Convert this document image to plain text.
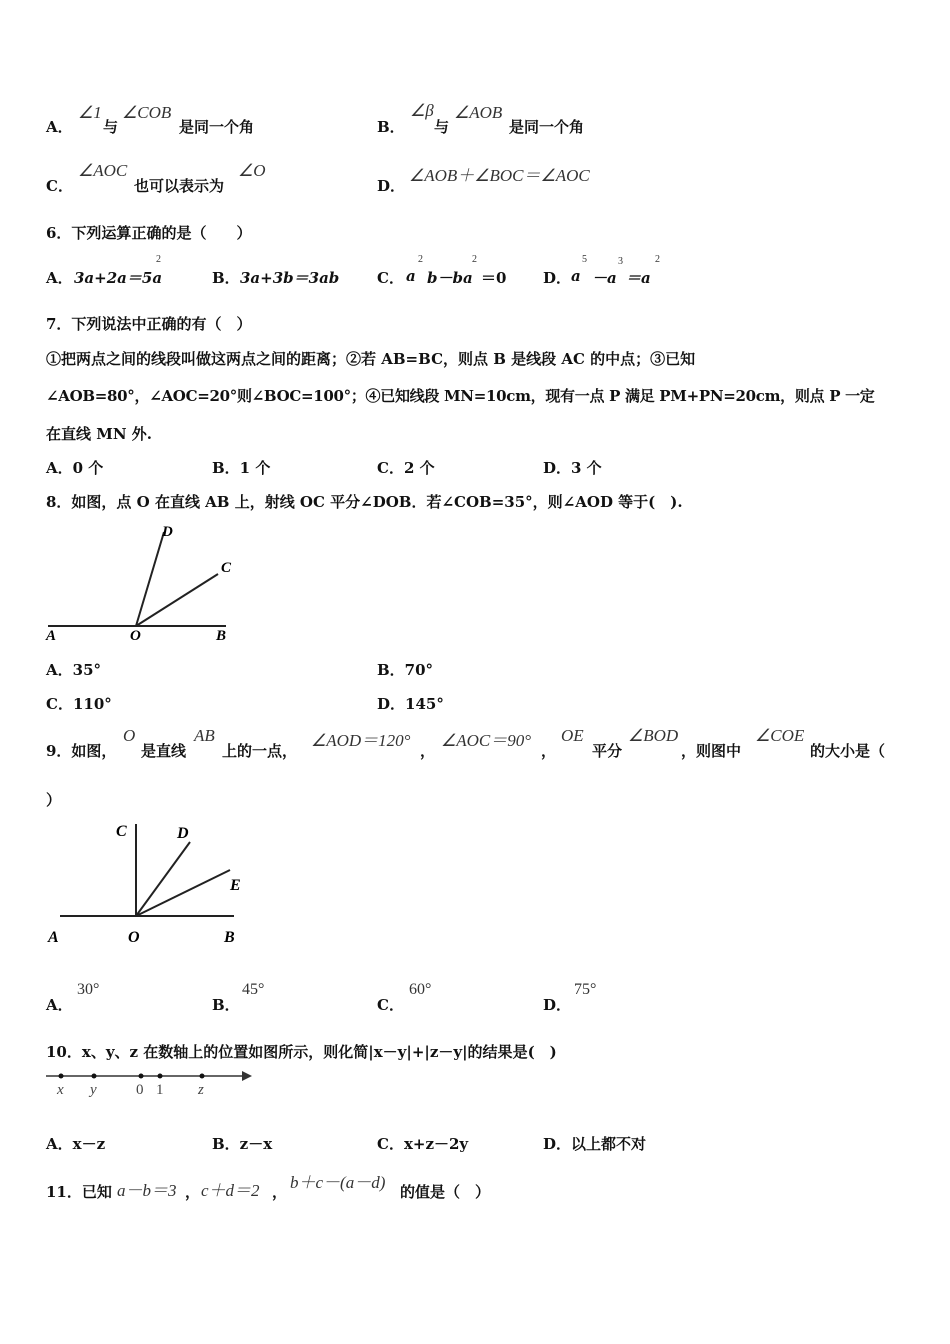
A．
∠1
与
∠COB
是同一个角	B．
∠β
与
∠AOB
是同一个角
C．
∠AOC
也可以表示为
∠O
D．
∠AOB＋∠BOC＝∠AOC
6．下列运算正确的是（　　）
A． 3a+2a＝5a
2
B． 3a+3b＝3ab	C． a
2
b－ba
2
＝0 D． a
5
－a
3
＝a
2
7．下列说法中正确的有（　）
①把两点之间的线段叫做这两点之间的距离；②若 AB=BC，则点 B 是线段 AC 的中点；③已知
∠AOB=80°，∠AOC=20°则∠BOC=100°；④已知线段 MN=10cm，现有一点 P 满足 PM+PN=20cm，则点 P 一定
在直线 MN 外.
A．0 个	B．1 个	C．2 个	D．3 个
8．如图，点 O 在直线 AB 上，射线 OC 平分∠DOB．若∠COB=35°，则∠AOD 等于(　).
D
C
A	O	B
A．35°	B．70°
C．110°	D．145°
9．如图，
O
是直线
AB
上的一点，
∠AOD＝120°
，
∠AOC＝90°
，
OE
平分
∠BOD
，则图中
∠COE
的大小是（
）
C	D
E
A	O	B
A．
30°
B．
45°
C．
60°
D．
75°
10．x、y、z 在数轴上的位置如图所示，则化简|x－y|+|z－y|的结果是(　)
x y	0 1 z
A．x－z	B．z－x	C．x+z－2y	D．以上都不对
11．已知 a－b＝3 ， c＋d＝2 ， b＋c－(a－d) 的值是（　）
